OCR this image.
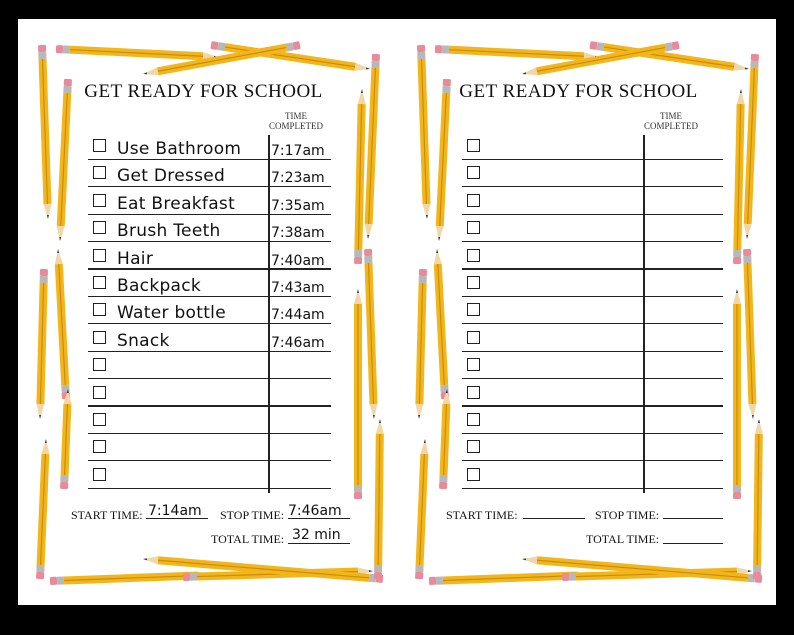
GET READY FOR SCHOOL
TIME COMPLETED
Use Bathroom 7:17am
Get Dressed	7:23am
Eat Breakfast	7:35am
Brush Teeth	7:38am
Hair	7:40am
Backpack	7:43am
Water bottle	7:44am
Snack	7:46am
START TIME: 7:14am STOP TIME: 7:46am
TOTAL TIME: 32 min
GET READY FOR SCHOOL
TIME COMPLETED
START TIME:	STOP TIME:
TOTAL TIME:
